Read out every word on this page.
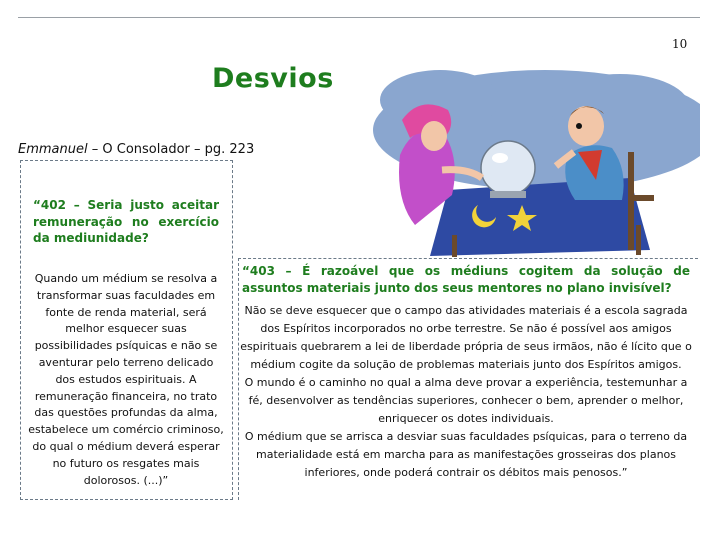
10
Desvios
Emmanuel – O Consolador – pg. 223
“402 – Seria justo aceitar remuneração no exercício da mediunidade?
Quando um médium se resolva a transformar suas faculdades em fonte de renda material, será melhor esquecer suas possibilidades psíquicas e não se aventurar pelo terreno delicado dos estudos espirituais. A remuneração financeira, no trato das questões profundas da alma, estabelece um comércio criminoso, do qual o médium deverá esperar no futuro os resgates mais dolorosos. (...)”
“403 – É razoável que os médiuns cogitem da solução de assuntos materiais junto dos seus mentores no plano invisível?
Não se deve esquecer que o campo das atividades materiais é a escola sagrada dos Espíritos incorporados no orbe terrestre. Se não é possível aos amigos espirituais quebrarem a lei de liberdade própria de seus irmãos, não é lícito que o médium cogite da solução de problemas materiais junto dos Espíritos amigos.
O mundo é o caminho no qual a alma deve provar a experiência, testemunhar a fé, desenvolver as tendências superiores, conhecer o bem, aprender o melhor, enriquecer os dotes individuais.
O médium que se arrisca a desviar suas faculdades psíquicas, para o terreno da materialidade está em marcha para as manifestações grosseiras dos planos inferiores, onde poderá contrair os débitos mais penosos.”
